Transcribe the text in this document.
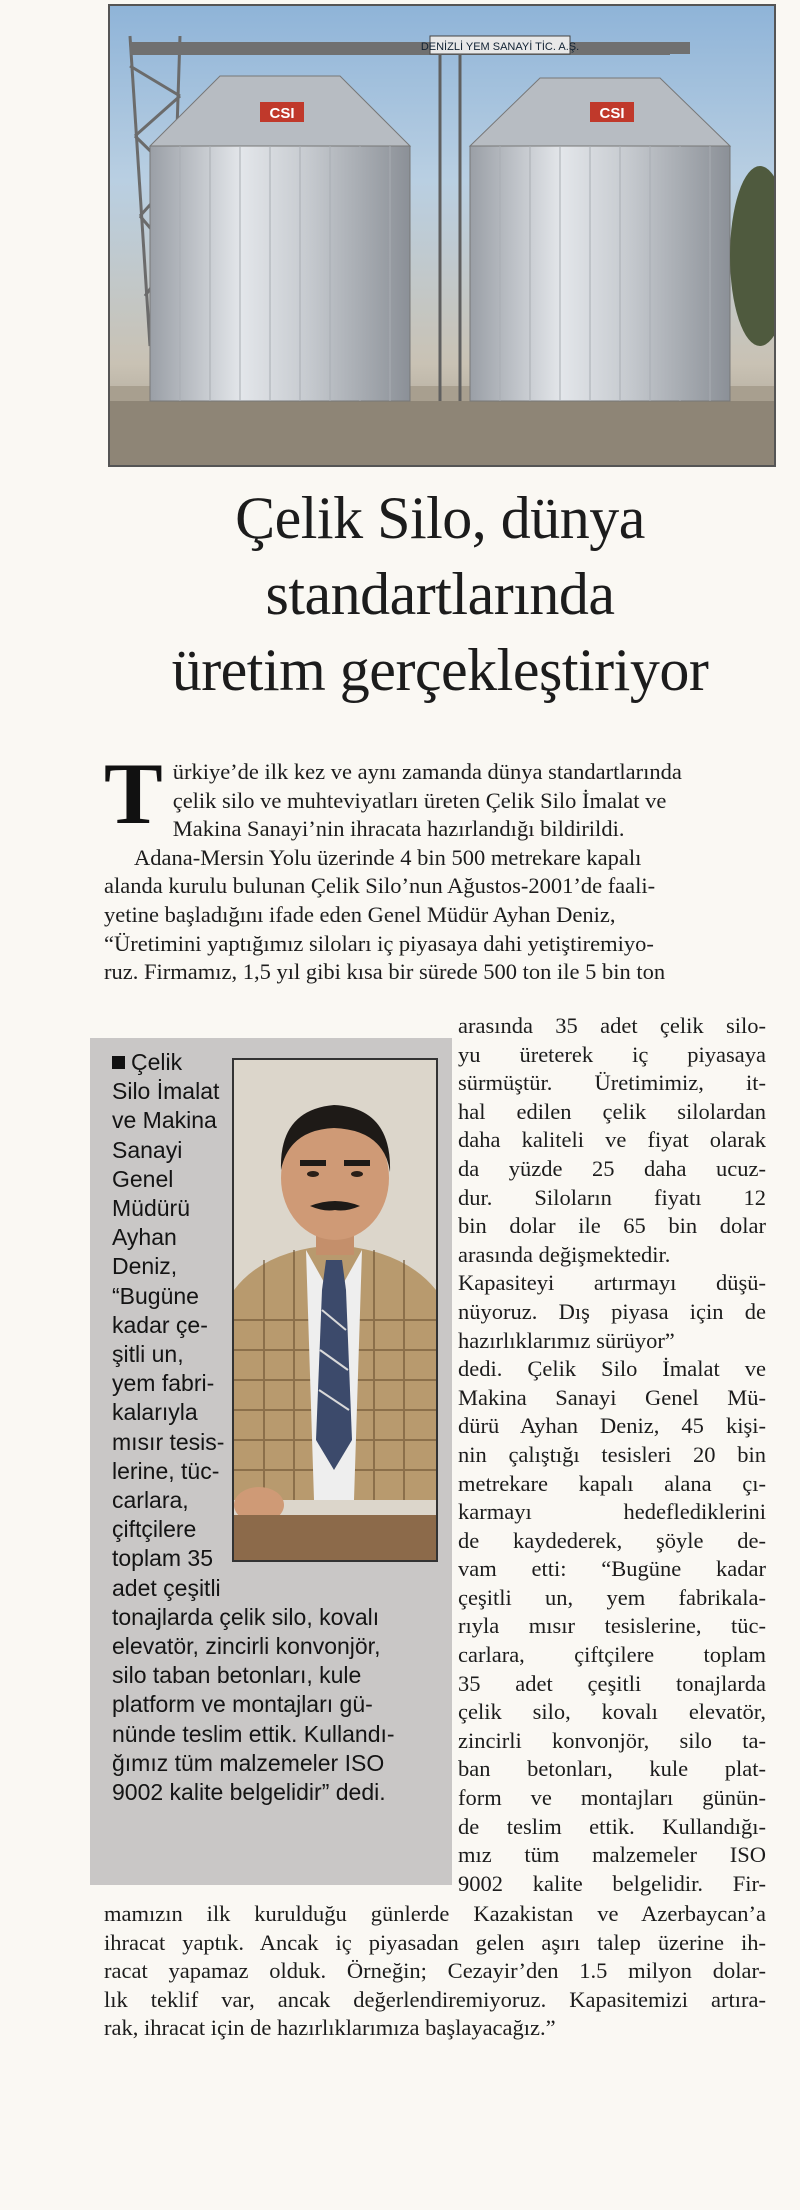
DENİZLİ YEM SANAYİ TİC. A.Ş.
CSI	CSI
Çelik Silo, dünya
standartlarında
üretim gerçekleştiriyor
T ürkiye’de ilk kez ve aynı zamanda dünya standartlarında
çelik silo ve muhteviyatları üreten Çelik Silo İmalat ve
Makina Sanayi’nin ihracata hazırlandığı bildirildi.
Adana-Mersin Yolu üzerinde 4 bin 500 metrekare kapalı
alanda kurulu bulunan Çelik Silo’nun Ağustos-2001’de faali-
yetine başladığını ifade eden Genel Müdür Ayhan Deniz,
“Üretimini yaptığımız siloları iç piyasaya dahi yetiştiremiyo-
ruz. Firmamız, 1,5 yıl gibi kısa bir sürede 500 ton ile 5 bin ton
Çelik
Silo İmalat
ve Makina
Sanayi
Genel
Müdürü
Ayhan
Deniz,
“Bugüne
kadar çe-
şitli un,
yem fabri-
kalarıyla
mısır tesis-
lerine, tüc-
carlara,
çiftçilere
toplam 35
adet çeşitli
tonajlarda çelik silo, kovalı
elevatör, zincirli konvonjör,
silo taban betonları, kule
platform ve montajları gü-
nünde teslim ettik. Kullandı-
ğımız tüm malzemeler ISO
9002 kalite belgelidir” dedi.
arasında 35 adet çelik silo-
yu üreterek iç piyasaya
sürmüştür. Üretimimiz, it-
hal edilen çelik silolardan
daha kaliteli ve fiyat olarak
da yüzde 25 daha ucuz-
dur. Siloların fiyatı 12
bin dolar ile 65 bin dolar
arasında değişmektedir.
Kapasiteyi artırmayı düşü-
nüyoruz. Dış piyasa için de
hazırlıklarımız sürüyor”
dedi. Çelik Silo İmalat ve
Makina Sanayi Genel Mü-
dürü Ayhan Deniz, 45 kişi-
nin çalıştığı tesisleri 20 bin
metrekare kapalı alana çı-
karmayı hedeflediklerini
de kaydederek, şöyle de-
vam etti: “Bugüne kadar
çeşitli un, yem fabrikala-
rıyla mısır tesislerine, tüc-
carlara, çiftçilere toplam
35 adet çeşitli tonajlarda
çelik silo, kovalı elevatör,
zincirli konvonjör, silo ta-
ban betonları, kule plat-
form ve montajları günün-
de teslim ettik. Kullandığı-
mız tüm malzemeler ISO
9002 kalite belgelidir. Fir-
mamızın ilk kurulduğu günlerde Kazakistan ve Azerbaycan’a
ihracat yaptık. Ancak iç piyasadan gelen aşırı talep üzerine ih-
racat yapamaz olduk. Örneğin; Cezayir’den 1.5 milyon dolar-
lık teklif var, ancak değerlendiremiyoruz. Kapasitemizi artıra-
rak, ihracat için de hazırlıklarımıza başlayacağız.”
